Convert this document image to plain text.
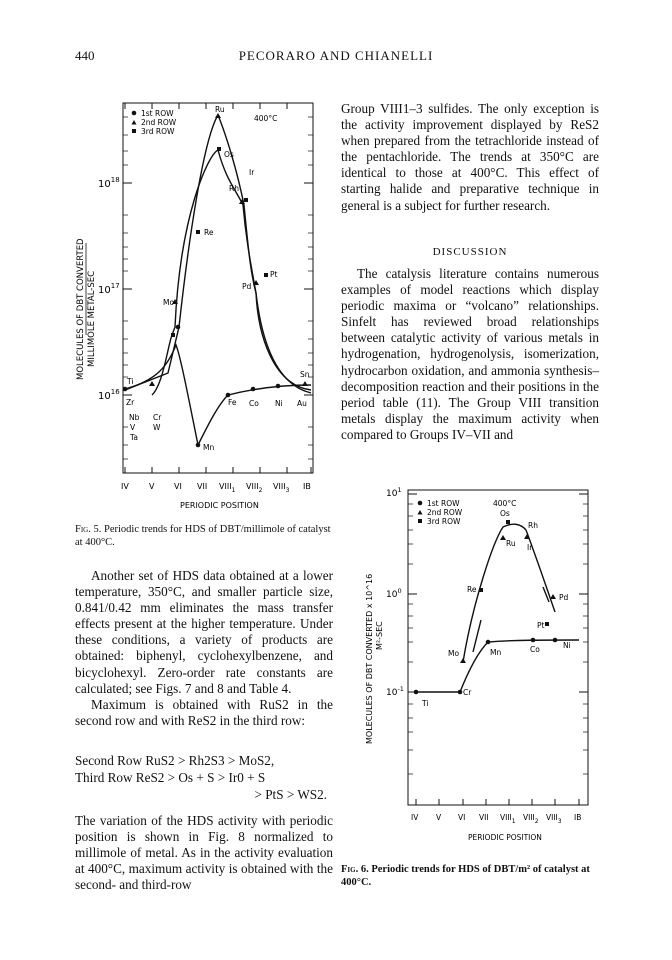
440	PECORARO AND CHIANELLI
$10^{18}$
$10^{17}$
$10^{16}$
MOLECULES OF DBT CONVERTED MILLIMOLE METAL-SEC
IV	V VI VII $VIII_1$ $VIII_2$ $VIII_3$ IB
PERIODIC POSITION
1st ROW
2nd ROW
3rd ROW
400°C
Ru
Os
Rh
Ir
Re
Pt
Pd
Mo
Sn
Ti
Zr
Nb Cr
V W
Ta
Mn
Fe Co Ni Au
Fig. 5. Periodic trends for HDS of DBT/millimole of catalyst at 400°C.

Another set of HDS data obtained at a lower temperature, 350°C, and smaller particle size, 0.841/0.42 mm eliminates the mass transfer effects present at the higher temperature. Under these conditions, a variety of products are obtained: biphenyl, cyclohexylbenzene, and bicyclohexyl. Zero-order rate constants are calculated; see Figs. 7 and 8 and Table 4.

Maximum is obtained with RuS2 in the second row and with ReS2 in the third row:

Second Row RuS2 > Rh2S3 > MoS2,
Third Row ReS2 > Os + S > Ir0 + S
> PtS > WS2.

The variation of the HDS activity with periodic position is shown in Fig. 8 normalized to millimole of metal. As in the activity evaluation at 400°C, maximum activity is obtained with the second- and third-row

Group VIII1–3 sulfides. The only exception is the activity improvement displayed by ReS2 when prepared from the tetrachloride instead of the pentachloride. The trends at 350°C are identical to those at 400°C. This effect of starting halide and preparative technique in general is a subject for further research.

DISCUSSION

The catalysis literature contains numerous examples of model reactions which display periodic maxima or “volcano” relationships. Sinfelt has reviewed broad relationships between catalytic activity of various metals in hydrogenation, hydrogenolysis, isomerization, hydrocarbon oxidation, and ammonia synthesis–decomposition reaction and their positions in the period table (11). The Group VIII transition metals display the maximum activity when compared to Groups IV–VII and

$10^1$
$10^0$
$10^{-1}$
MOLECULES OF DBT CONVERTED x 10^16 M²-SEC
IV V VI VII $VIII_1$ $VIII_2$ $VIII_3$ IB
PERIODIC POSITION
1st ROW
2nd ROW
3rd ROW
400°C
Os
Rh
Ru Ir
Re
Pd
Pt
Mo	Mn	Co	Ni
Cr
Ti
Fig. 6. Periodic trends for HDS of DBT/m² of catalyst at 400°C.
